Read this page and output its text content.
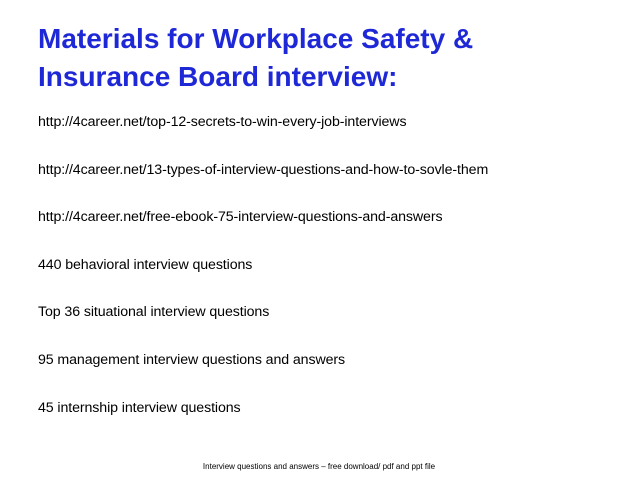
Materials for Workplace Safety &
Insurance Board interview:
http://4career.net/top-12-secrets-to-win-every-job-interviews
http://4career.net/13-types-of-interview-questions-and-how-to-sovle-them
http://4career.net/free-ebook-75-interview-questions-and-answers
440 behavioral interview questions
Top 36 situational interview questions
95 management interview questions and answers
45 internship interview questions
Interview questions and answers – free download/ pdf and ppt file
